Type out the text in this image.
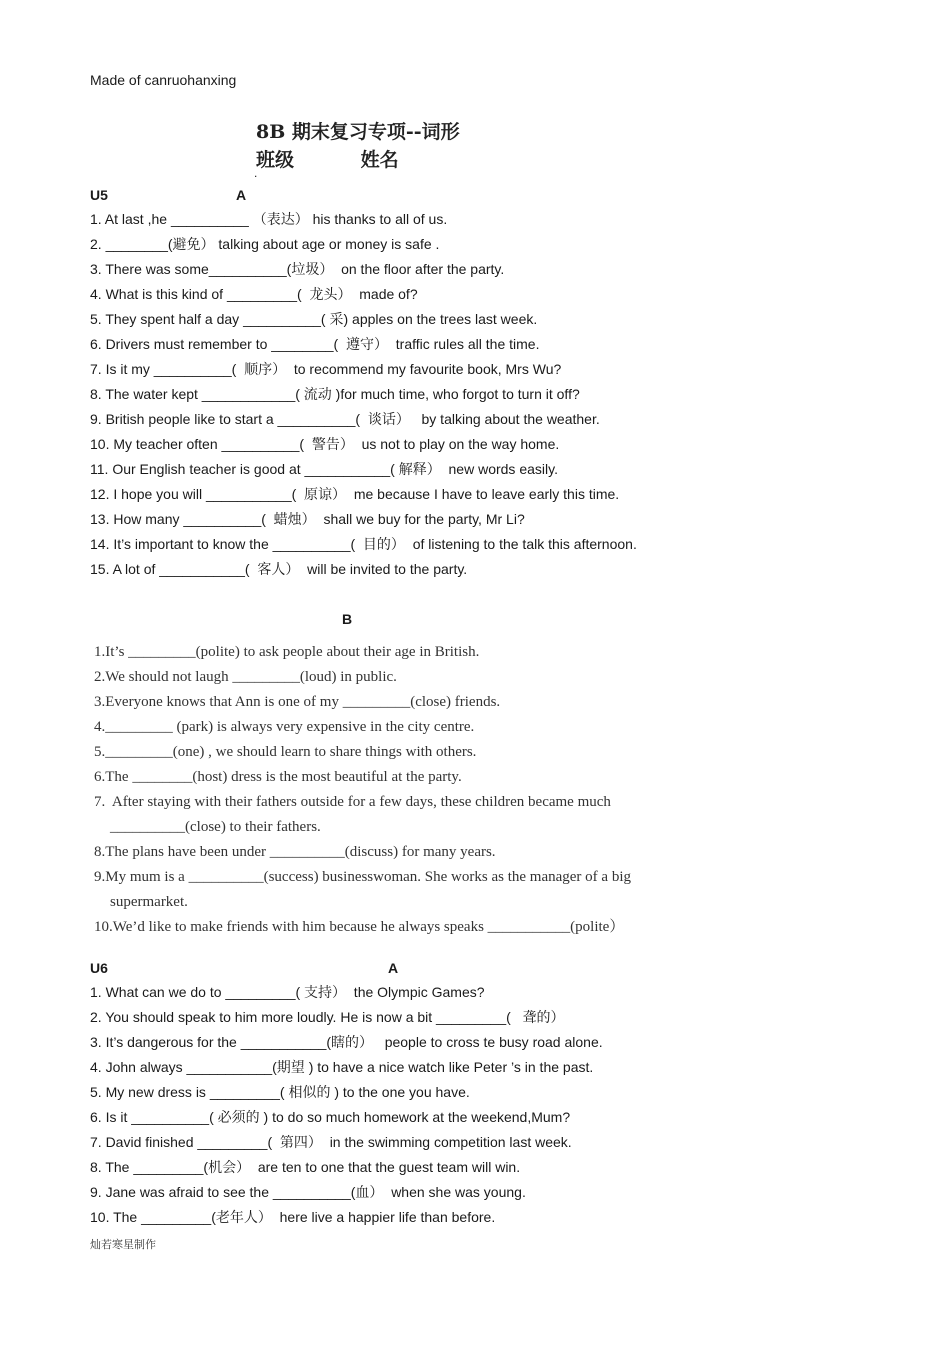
Made of canruohanxing
8B 期末复习专项--词形
班级	姓名
.
U5	A
1. At last ,he __________ （表达） his thanks to all of us.
2. ________(避免） talking about age or money is safe .
3. There was some__________(垃圾）  on the floor after the party.
4. What is this kind of _________(  龙头）  made of?
5. They spent half a day __________( 采) apples on the trees last week.
6. Drivers must remember to ________(  遵守）  traffic rules all the time.
7. Is it my __________(  顺序）  to recommend my favourite book, Mrs Wu?
8. The water kept ____________( 流动 )for much time, who forgot to turn it off?
9. British people like to start a __________(  谈话）   by talking about the weather.
10. My teacher often __________(  警告）  us not to play on the way home.
11. Our English teacher is good at ___________( 解释）  new words easily.
12. I hope you will ___________(  原谅）  me because I have to leave early this time.
13. How many __________(  蜡烛）  shall we buy for the party, Mr Li?
14. It’s important to know the __________(  目的）  of listening to the talk this afternoon.
15. A lot of ___________(  客人）  will be invited to the party.
B
1.It’s _________(polite) to ask people about their age in British.
2.We should not laugh _________(loud) in public.
3.Everyone knows that Ann is one of my _________(close) friends.
4._________ (park) is always very expensive in the city centre.
5._________(one) , we should learn to share things with others.
6.The ________(host) dress is the most beautiful at the party.
7.  After staying with their fathers outside for a few days, these children became much
__________(close) to their fathers.
8.The plans have been under __________(discuss) for many years.
9.My mum is a __________(success) businesswoman. She works as the manager of a big
supermarket.
10.We’d like to make friends with him because he always speaks ___________(polite）
U6	A
1. What can we do to _________( 支持）  the Olympic Games?
2. You should speak to him more loudly. He is now a bit _________(   聋的）
3. It’s dangerous for the ___________(瞎的）   people to cross te busy road alone.
4. John always ___________(期望 ) to have a nice watch like Peter ’s in the past.
5. My new dress is _________( 相似的 ) to the one you have.
6. Is it __________( 必须的 ) to do so much homework at the weekend,Mum?
7. David finished _________(  第四）  in the swimming competition last week.
8. The _________(机会）  are ten to one that the guest team will win.
9. Jane was afraid to see the __________(血）  when she was young.
10. The _________(老年人）  here live a happier life than before.
灿若寒星制作
